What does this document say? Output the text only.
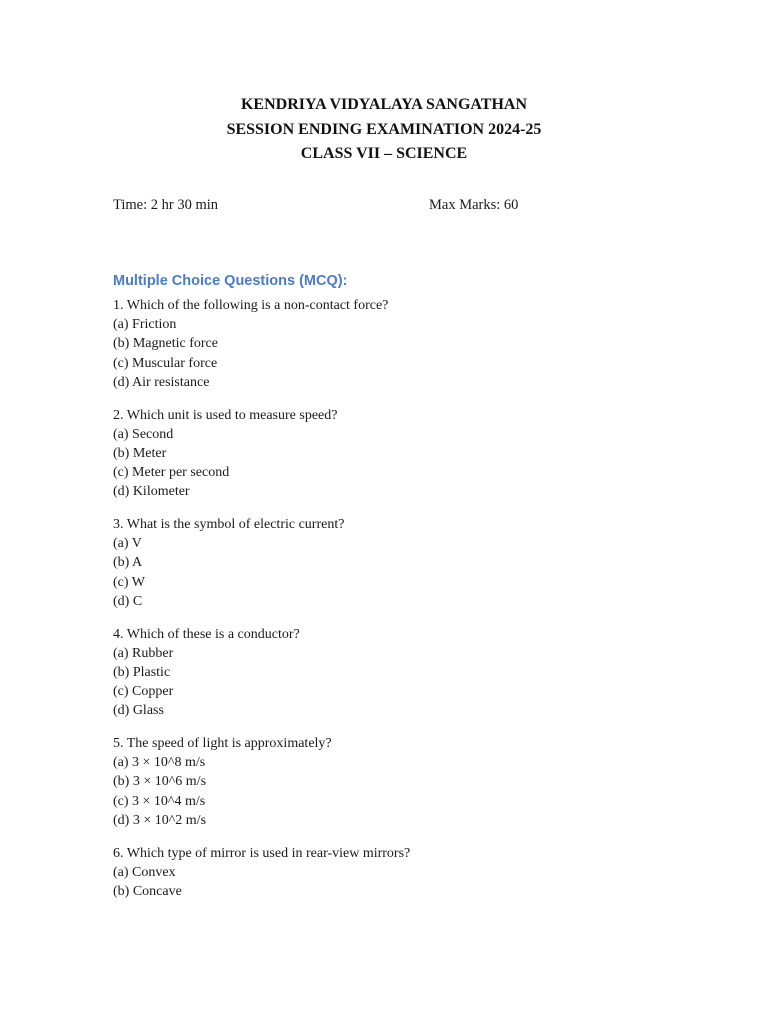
KENDRIYA VIDYALAYA SANGATHAN
SESSION ENDING EXAMINATION 2024-25
CLASS VII – SCIENCE
Time: 2 hr 30 min	Max Marks: 60
Multiple Choice Questions (MCQ):
1. Which of the following is a non-contact force?
(a) Friction
(b) Magnetic force
(c) Muscular force
(d) Air resistance
2. Which unit is used to measure speed?
(a) Second
(b) Meter
(c) Meter per second
(d) Kilometer
3. What is the symbol of electric current?
(a) V
(b) A
(c) W
(d) C
4. Which of these is a conductor?
(a) Rubber
(b) Plastic
(c) Copper
(d) Glass
5. The speed of light is approximately?
(a) 3 × 10^8 m/s
(b) 3 × 10^6 m/s
(c) 3 × 10^4 m/s
(d) 3 × 10^2 m/s
6. Which type of mirror is used in rear-view mirrors?
(a) Convex
(b) Concave
